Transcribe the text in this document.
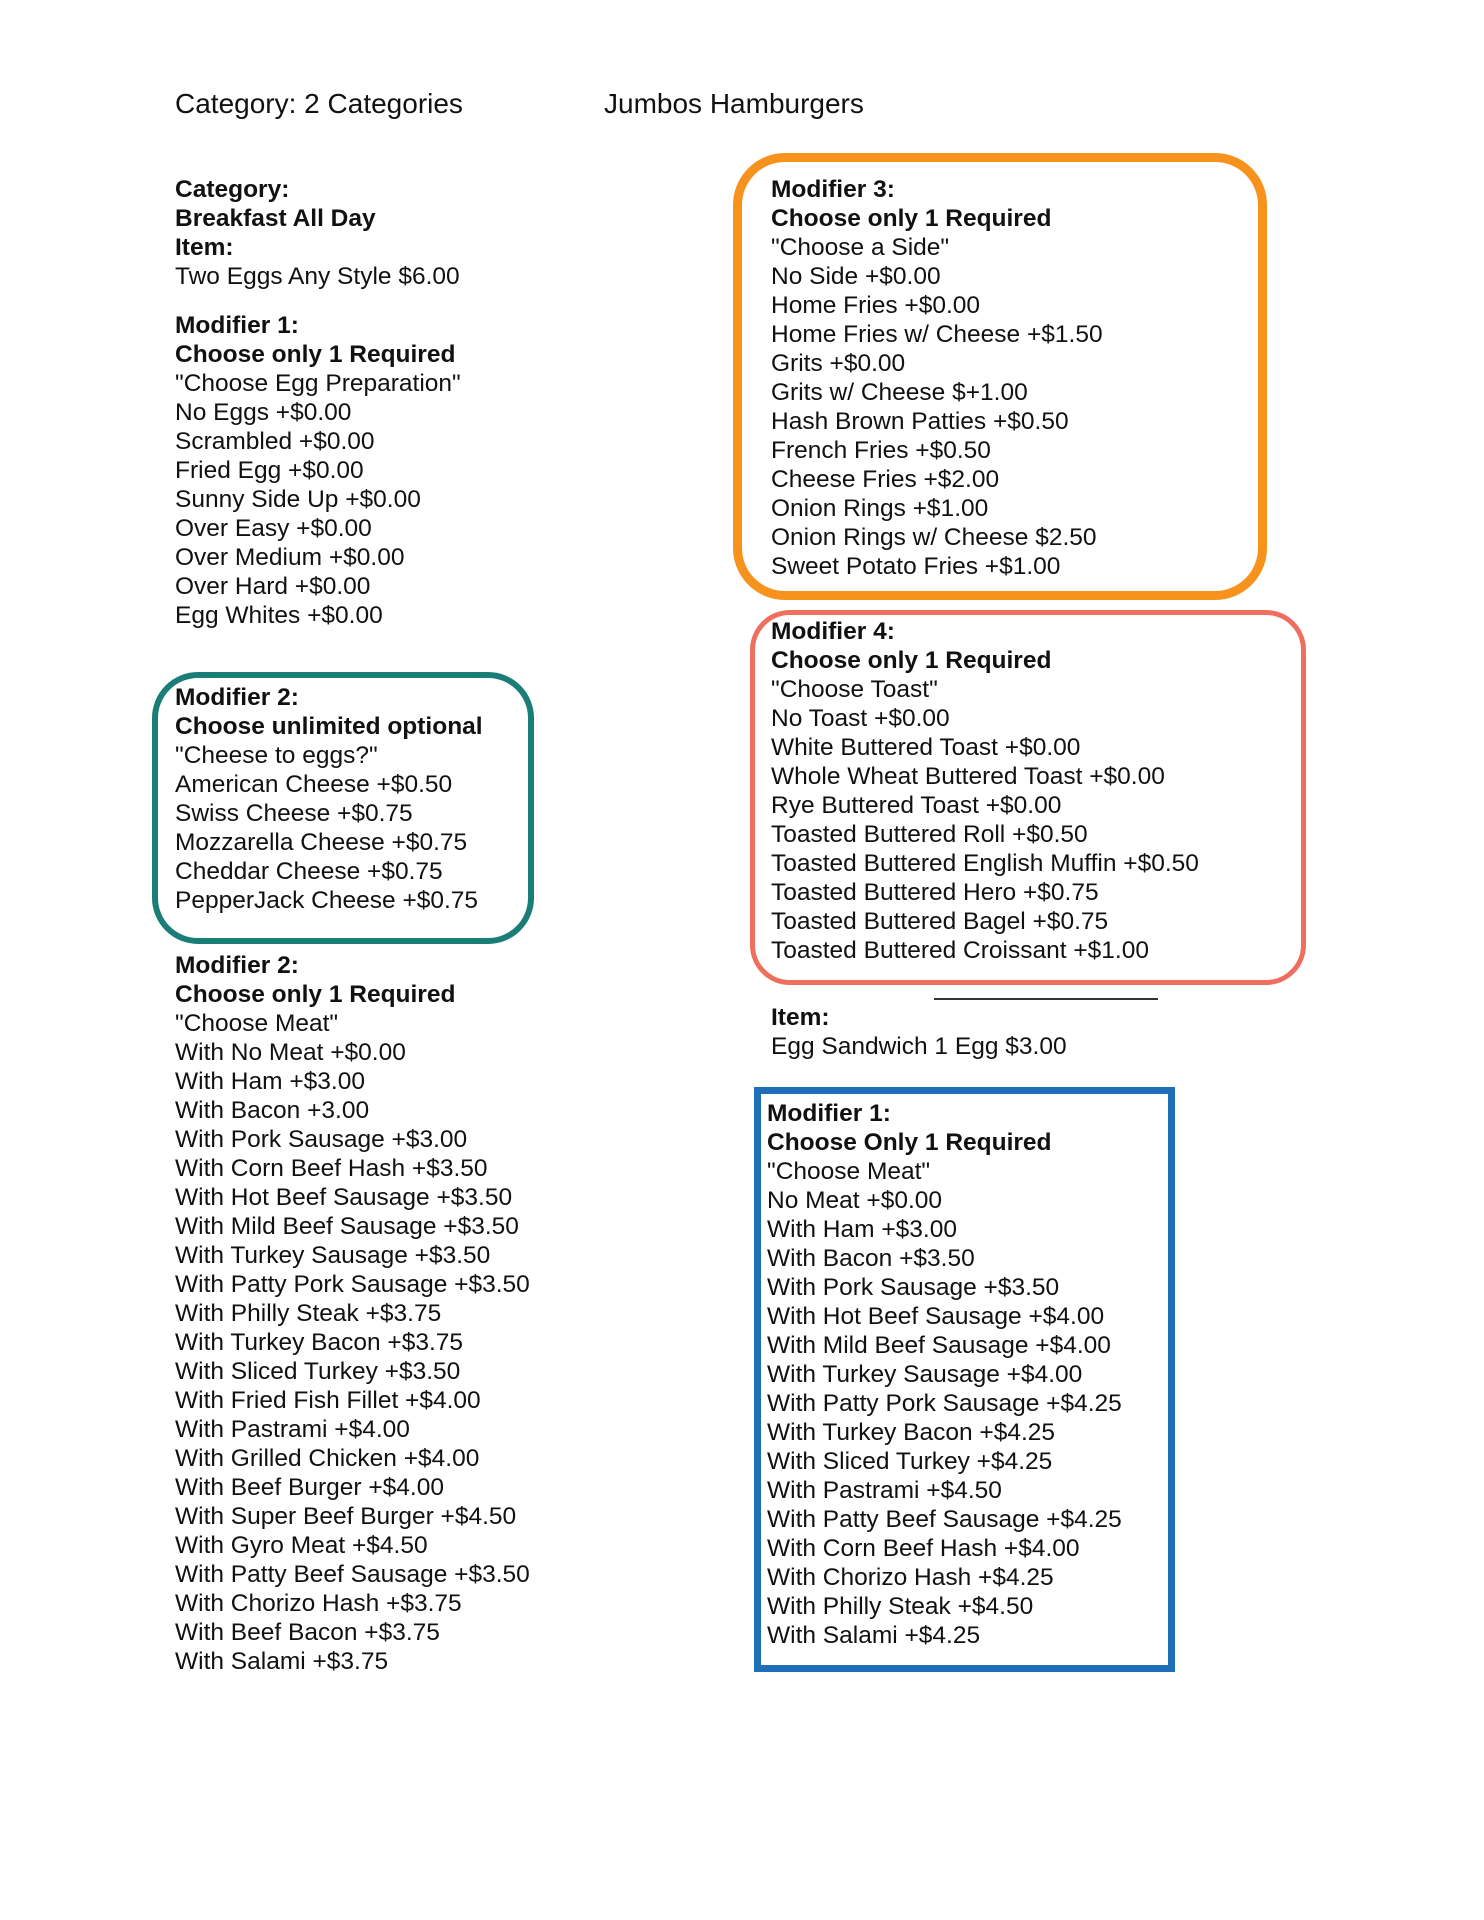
Category: 2 Categories	Jumbos Hamburgers
Category:
Breakfast All Day
Item:
Two Eggs Any Style $6.00
Modifier 1:
Choose only 1 Required
"Choose Egg Preparation"
No Eggs +$0.00
Scrambled +$0.00
Fried Egg +$0.00
Sunny Side Up +$0.00
Over Easy +$0.00
Over Medium +$0.00
Over Hard +$0.00
Egg Whites +$0.00
Modifier 2:
Choose unlimited optional
"Cheese to eggs?"
American Cheese +$0.50
Swiss Cheese +$0.75
Mozzarella Cheese +$0.75
Cheddar Cheese +$0.75
PepperJack Cheese +$0.75
Modifier 2:
Choose only 1 Required
"Choose Meat"
With No Meat +$0.00
With Ham +$3.00
With Bacon +3.00
With Pork Sausage +$3.00
With Corn Beef Hash +$3.50
With Hot Beef Sausage +$3.50
With Mild Beef Sausage +$3.50
With Turkey Sausage +$3.50
With Patty Pork Sausage +$3.50
With Philly Steak +$3.75
With Turkey Bacon +$3.75
With Sliced Turkey +$3.50
With Fried Fish Fillet +$4.00
With Pastrami +$4.00
With Grilled Chicken +$4.00
With Beef Burger +$4.00
With Super Beef Burger +$4.50
With Gyro Meat +$4.50
With Patty Beef Sausage +$3.50
With Chorizo Hash +$3.75
With Beef Bacon +$3.75
With Salami +$3.75
Modifier 3:
Choose only 1 Required
"Choose a Side"
No Side +$0.00
Home Fries +$0.00
Home Fries w/ Cheese +$1.50
Grits +$0.00
Grits w/ Cheese $+1.00
Hash Brown Patties +$0.50
French Fries +$0.50
Cheese Fries +$2.00
Onion Rings +$1.00
Onion Rings w/ Cheese $2.50
Sweet Potato Fries +$1.00
Modifier 4:
Choose only 1 Required
"Choose Toast"
No Toast +$0.00
White Buttered Toast +$0.00
Whole Wheat Buttered Toast +$0.00
Rye Buttered Toast +$0.00
Toasted Buttered Roll +$0.50
Toasted Buttered English Muffin +$0.50
Toasted Buttered Hero +$0.75
Toasted Buttered Bagel +$0.75
Toasted Buttered Croissant +$1.00
Item:
Egg Sandwich 1 Egg $3.00
Modifier 1:
Choose Only 1 Required
"Choose Meat"
No Meat +$0.00
With Ham +$3.00
With Bacon +$3.50
With Pork Sausage +$3.50
With Hot Beef Sausage +$4.00
With Mild Beef Sausage +$4.00
With Turkey Sausage +$4.00
With Patty Pork Sausage +$4.25
With Turkey Bacon +$4.25
With Sliced Turkey +$4.25
With Pastrami +$4.50
With Patty Beef Sausage +$4.25
With Corn Beef Hash +$4.00
With Chorizo Hash +$4.25
With Philly Steak +$4.50
With Salami +$4.25
